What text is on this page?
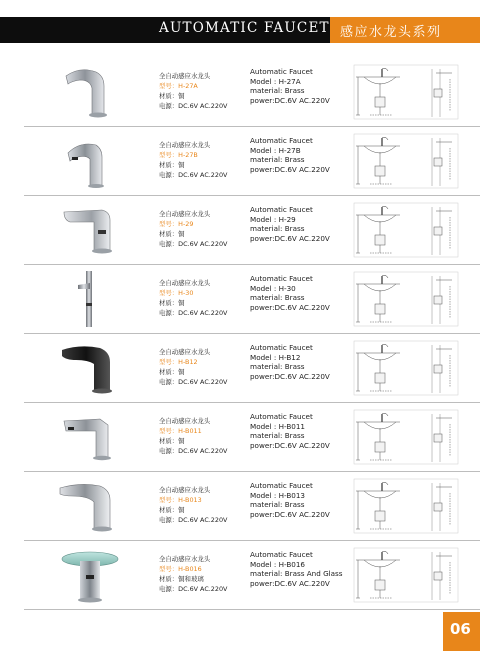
AUTOMATIC FAUCET 感应水龙头系列
全自动感应水龙头
型号：H-27A
材质：铜
电源：DC.6V AC.220V
Automatic Faucet
Model : H-27A
material: Brass
power:DC.6V AC.220V
全自动感应水龙头
型号：H-27B
材质：铜
电源：DC.6V AC.220V
Automatic Faucet
Model : H-27B
material: Brass
power:DC.6V AC.220V
全自动感应水龙头
型号：H-29
材质：铜
电源：DC.6V AC.220V
Automatic Faucet
Model : H-29
material: Brass
power:DC.6V AC.220V
全自动感应水龙头
型号：H-30
材质：铜
电源：DC.6V AC.220V
Automatic Faucet
Model : H-30
material: Brass
power:DC.6V AC.220V
全自动感应水龙头
型号：H-B12
材质：铜
电源：DC.6V AC.220V
Automatic Faucet
Model : H-B12
material: Brass
power:DC.6V AC.220V
全自动感应水龙头
型号：H-B011
材质：铜
电源：DC.6V AC.220V
Automatic Faucet
Model : H-B011
material: Brass
power:DC.6V AC.220V
全自动感应水龙头
型号：H-B013
材质：铜
电源：DC.6V AC.220V
Automatic Faucet
Model : H-B013
material: Brass
power:DC.6V AC.220V
全自动感应水龙头
型号：H-B016
材质：铜和玻璃
电源：DC.6V AC.220V
Automatic Faucet
Model : H-B016
material: Brass And Glass
power:DC.6V AC.220V
06
